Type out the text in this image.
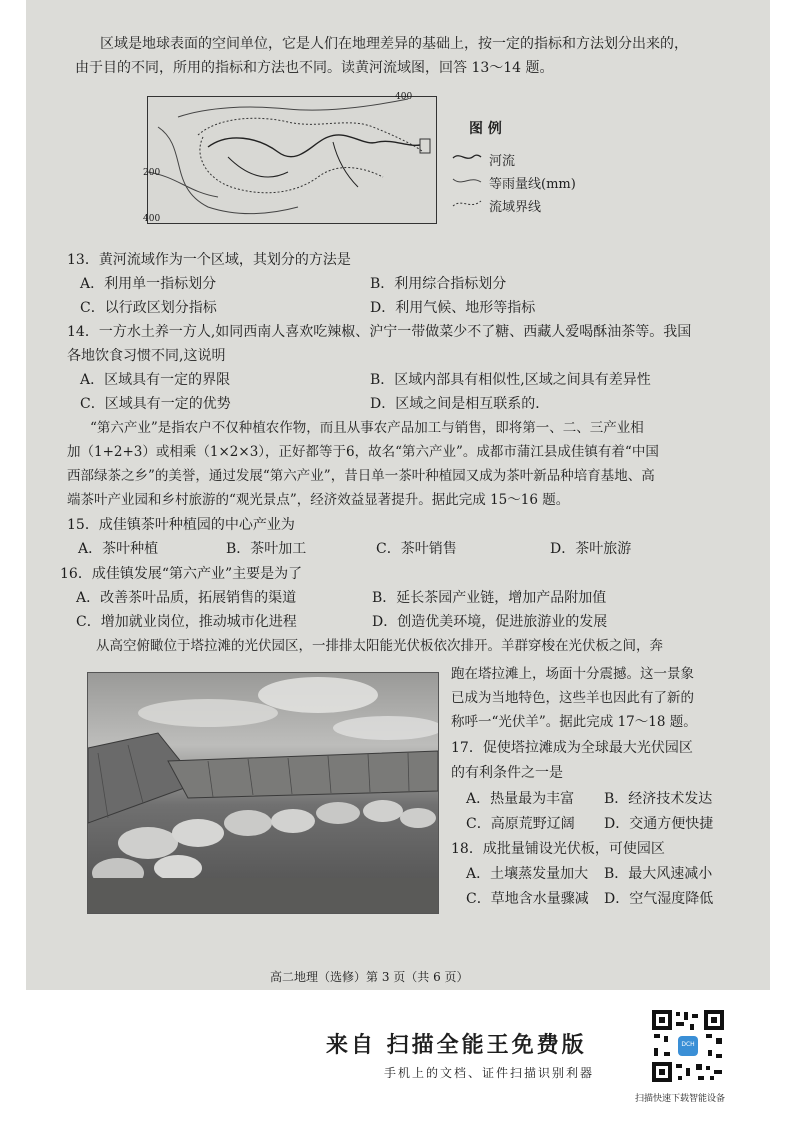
区域是地球表面的空间单位，它是人们在地理差异的基础上，按一定的指标和方法划分出来的，
由于目的不同，所用的指标和方法也不同。读黄河流域图，回答 13～14 题。
400
200
400
图 例
河流
等雨量线(mm)
流域界线
13．黄河流域作为一个区域，其划分的方法是
A．利用单一指标划分	B．利用综合指标划分
C．以行政区划分指标	D．利用气候、地形等指标
14．一方水土养一方人,如同西南人喜欢吃辣椒、沪宁一带做菜少不了糖、西藏人爱喝酥油茶等。我国
各地饮食习惯不同,这说明
A．区域具有一定的界限	B．区域内部具有相似性,区域之间具有差异性
C．区域具有一定的优势	D．区域之间是相互联系的．
“第六产业”是指农户不仅种植农作物，而且从事农产品加工与销售，即将第一、二、三产业相
加（1+2+3）或相乘（1×2×3），正好都等于6，故名“第六产业”。成都市蒲江县成佳镇有着“中国
西部绿茶之乡”的美誉，通过发展“第六产业”，昔日单一茶叶种植园又成为茶叶新品种培育基地、高
端茶叶产业园和乡村旅游的“观光景点”，经济效益显著提升。据此完成 15～16 题。
15．成佳镇茶叶种植园的中心产业为
A．茶叶种植	B．茶叶加工	C．茶叶销售	D．茶叶旅游
16．成佳镇发展“第六产业”主要是为了
A．改善茶叶品质，拓展销售的渠道	B．延长茶园产业链，增加产品附加值
C．增加就业岗位，推动城市化进程	D．创造优美环境，促进旅游业的发展
从高空俯瞰位于塔拉滩的光伏园区，一排排太阳能光伏板依次排开。羊群穿梭在光伏板之间，奔
跑在塔拉滩上，场面十分震撼。这一景象
已成为当地特色，这些羊也因此有了新的
称呼一“光伏羊”。据此完成 17～18 题。
17．促使塔拉滩成为全球最大光伏园区
的有利条件之一是
A．热量最为丰富 B．经济技术发达
C．高原荒野辽阔 D．交通方便快捷
18．成批量铺设光伏板，可使园区
A．土壤蒸发量加大 B．最大风速减小
C．草地含水量骤减 D．空气湿度降低
高二地理（选修）第 3 页（共 6 页）
来自 扫描全能王免费版
手机上的文档、证件扫描识别利器
DCH
扫描快速下载智能设备
